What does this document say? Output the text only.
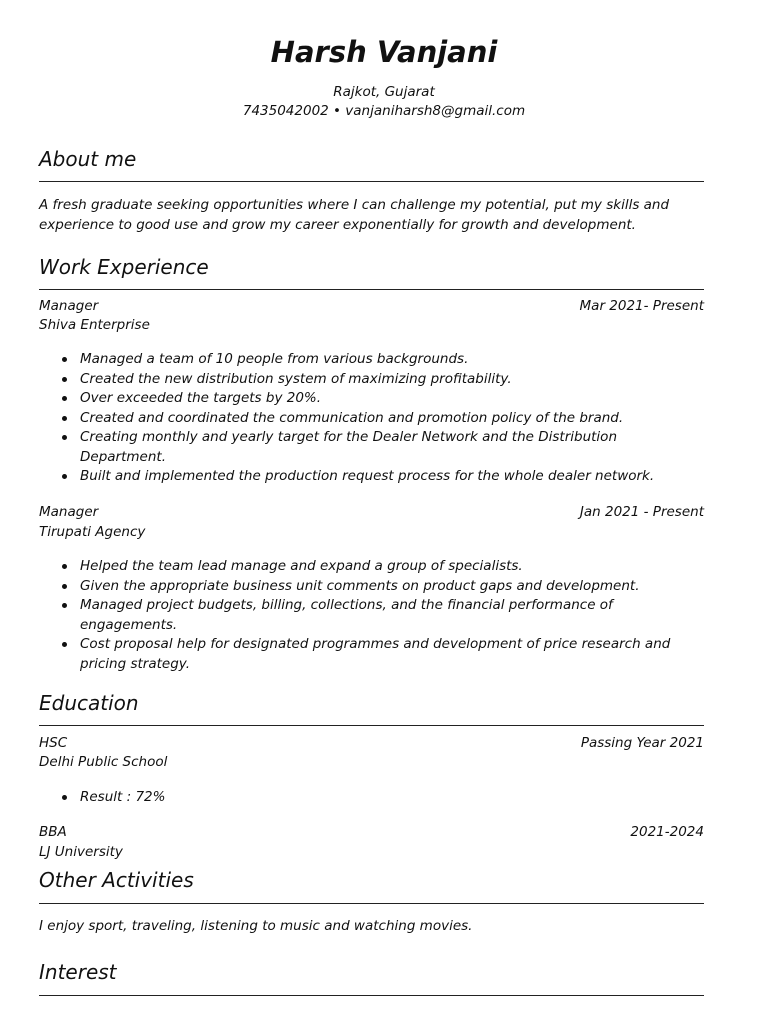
Harsh Vanjani
Rajkot, Gujarat
7435042002 • vanjaniharsh8@gmail.com
About me
A fresh graduate seeking opportunities where I can challenge my potential, put my skills and experience to good use and grow my career exponentially for growth and development.
Work Experience
Manager	Mar 2021- Present
Shiva Enterprise
Managed a team of 10 people from various backgrounds.
Created the new distribution system of maximizing profitability.
Over exceeded the targets by 20%.
Created and coordinated the communication and promotion policy of the brand.
Creating monthly and yearly target for the Dealer Network and the Distribution Department.
Built and implemented the production request process for the whole dealer network.
Manager	Jan 2021 - Present
Tirupati Agency
Helped the team lead manage and expand a group of specialists.
Given the appropriate business unit comments on product gaps and development.
Managed project budgets, billing, collections, and the financial performance of engagements.
Cost proposal help for designated programmes and development of price research and pricing strategy.
Education
HSC	Passing Year 2021
Delhi Public School
Result : 72%
BBA	2021-2024
LJ University
Other Activities
I enjoy sport, traveling, listening to music and watching movies.
Interest
